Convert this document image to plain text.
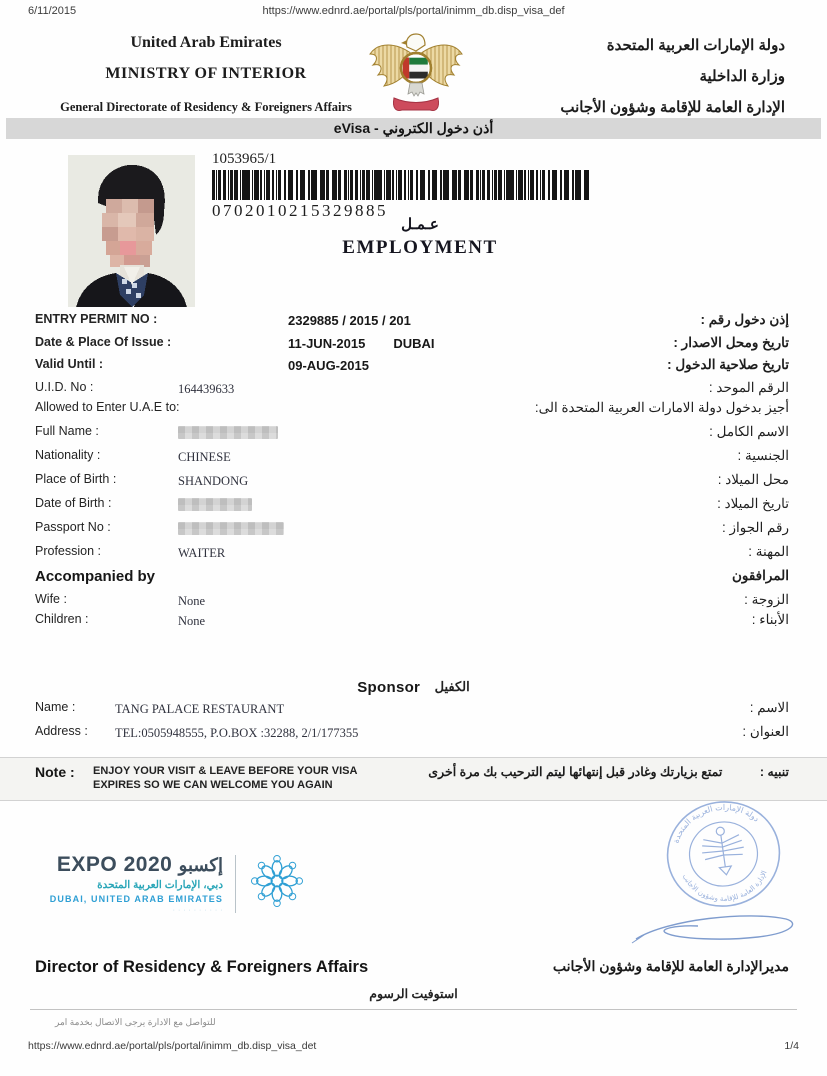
6/11/2015	https://www.ednrd.ae/portal/pls/portal/inimm_db.disp_visa_def
United Arab Emirates
MINISTRY OF INTERIOR
General Directorate of Residency & Foreigners Affairs
دولة الإمارات العربية المتحدة
وزارة الداخلية
الإدارة العامة للإقامة وشؤون الأجانب
أذن دخول الكتروني - eVisa
1053965/1
0702010215329885
عـمـل
EMPLOYMENT
ENTRY PERMIT NO :	2329885 / 2015 / 201	إذن دخول رقم :
Date & Place Of Issue :	11-JUN-2015 DUBAI	تاريخ ومحل الاصدار :
Valid Until :	09-AUG-2015	تاريخ صلاحية الدخول :
U.I.D. No :	164439633	الرقم الموحد :
Allowed to Enter U.A.E to:	أجيز بدخول دولة الامارات العربية المتحدة الى:
Full Name :	الاسم الكامل :
Nationality :	CHINESE	الجنسية :
Place of Birth :	SHANDONG	محل الميلاد :
Date of Birth :	تاريخ الميلاد :
Passport No :	رقم الجواز :
Profession :	WAITER	المهنة :
Accompanied by	المرافقون
Wife :	None	الزوجة :
Children :	None	الأبناء :
Sponsor الكفيل
Name :	TANG PALACE RESTAURANT	الاسم :
Address :	TEL:0505948555, P.O.BOX :32288, 2/1/177355	العنوان :
Note :	ENJOY YOUR VISIT & LEAVE BEFORE YOUR VISA
EXPIRES SO WE CAN WELCOME YOU AGAIN
تنبيه : تمتع بزيارتك وغادر قبل إنتهائها ليتم الترحيب بك مرة أخرى
EXPO 2020 إكسبو
دبي، الإمارات العربية المتحدة
DUBAI, UNITED ARAB EMIRATES
· · · · · · · · · ·
دولة الإمارات العربية المتحدة
الإدارة العامة للإقامة وشؤون الأجانب
Director of Residency & Foreigners Affairs	مديرالإدارة العامة للإقامة وشؤون الأجانب
استوفيت الرسوم
للتواصل مع الادارة يرجى الاتصال بخدمة امر
https://www.ednrd.ae/portal/pls/portal/inimm_db.disp_visa_det	1/4
